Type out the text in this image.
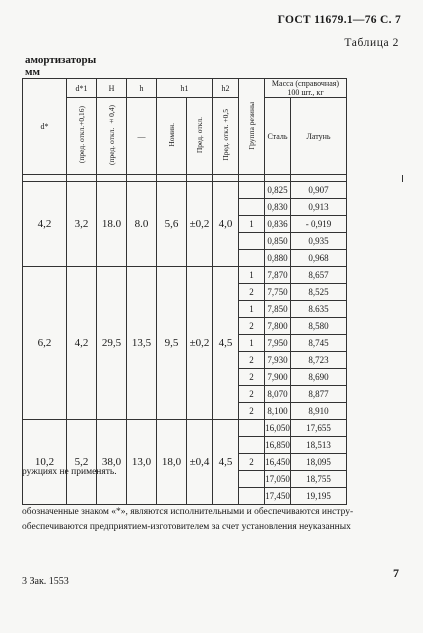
ГОСТ 11679.1—76 С. 7
Таблица 2
амортизаторы мм
d*	d*1	H	h	h1		h2	Группа резины	Масса (справочная) 100 шт., кг		
	(пред. откл.+0,16)	(пред. откл. ±0,4)	—	Номин.	Пред. откл.	Пред. откл. +0,5		Сталь	Латунь	

4,2	3,2	18.0	8.0	5,6	±0,2	4,0		0,825	0,907	
								0,830	0,913	
							1	0,836	- 0,919	
								0,850	0,935	
								0,880	0,968	
6,2	4,2	29,5	13,5	9,5	±0,2	4,5	1	7,870	8,657	
							2	7,750	8,525	
							1	7,850	8.635	
							2	7,800	8,580	
							1	7,950	8,745	
							2	7,930	8,723	
							2	7,900	8,690	
							2	8,070	8,877	
							2	8,100	8,910	
10,2	5,2	38,0	13,0	18,0	±0,4	4,5		16,050	17,655	
								16,850	18,513	
							2	16,450	18,095	
								17,050	18,755	
								17,450	19,195	
ружциях не применять.
обозначенные знаком «*», являются исполнительными и обеспечиваются инстру-
обеспечиваются предприятием-изготовителем за счет установления неуказанных
7
3 Зак. 1553
